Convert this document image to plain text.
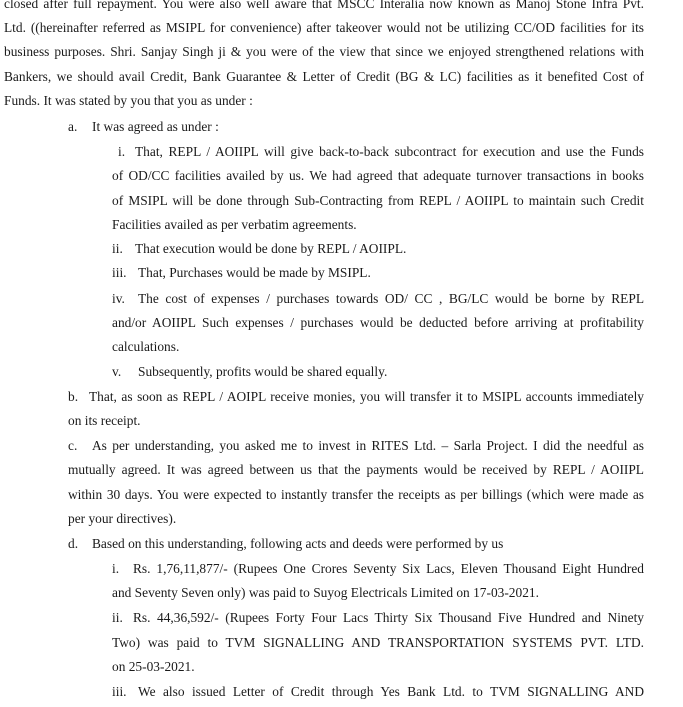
closed after full repayment. You were also well aware that MSCC Interalia now known as Manoj Stone Infra Pvt.
Ltd. ((hereinafter referred as MSIPL for convenience) after takeover would not be utilizing CC/OD facilities for its
business purposes. Shri. Sanjay Singh ji & you were of the view that since we enjoyed strengthened relations with
Bankers, we should avail Credit, Bank Guarantee & Letter of Credit (BG & LC) facilities as it benefited Cost of
Funds. It was stated by you that you as under :
a. It was agreed as under :
i. That, REPL / AOIIPL will give back-to-back subcontract for execution and use the Funds
of OD/CC facilities availed by us. We had agreed that adequate turnover transactions in books
of MSIPL will be done through Sub-Contracting from REPL / AOIIPL to maintain such Credit
Facilities availed as per verbatim agreements.
ii. That execution would be done by REPL / AOIIPL.
iii. That, Purchases would be made by MSIPL.
iv. The cost of expenses / purchases towards OD/ CC , BG/LC would be borne by REPL
and/or AOIIPL Such expenses / purchases would be deducted before arriving at profitability
calculations.
v. Subsequently, profits would be shared equally.
b. That, as soon as REPL / AOIPL receive monies, you will transfer it to MSIPL accounts immediately
on its receipt.
c. As per understanding, you asked me to invest in RITES Ltd. – Sarla Project. I did the needful as
mutually agreed. It was agreed between us that the payments would be received by REPL / AOIIPL
within 30 days. You were expected to instantly transfer the receipts as per billings (which were made as
per your directives).
d. Based on this understanding, following acts and deeds were performed by us
i. Rs. 1,76,11,877/- (Rupees One Crores Seventy Six Lacs, Eleven Thousand Eight Hundred
and Seventy Seven only) was paid to Suyog Electricals Limited on 17-03-2021.
ii. Rs. 44,36,592/- (Rupees Forty Four Lacs Thirty Six Thousand Five Hundred and Ninety
Two) was paid to TVM SIGNALLING AND TRANSPORTATION SYSTEMS PVT. LTD.
on 25-03-2021.
iii. We also issued Letter of Credit through Yes Bank Ltd. to TVM SIGNALLING AND
